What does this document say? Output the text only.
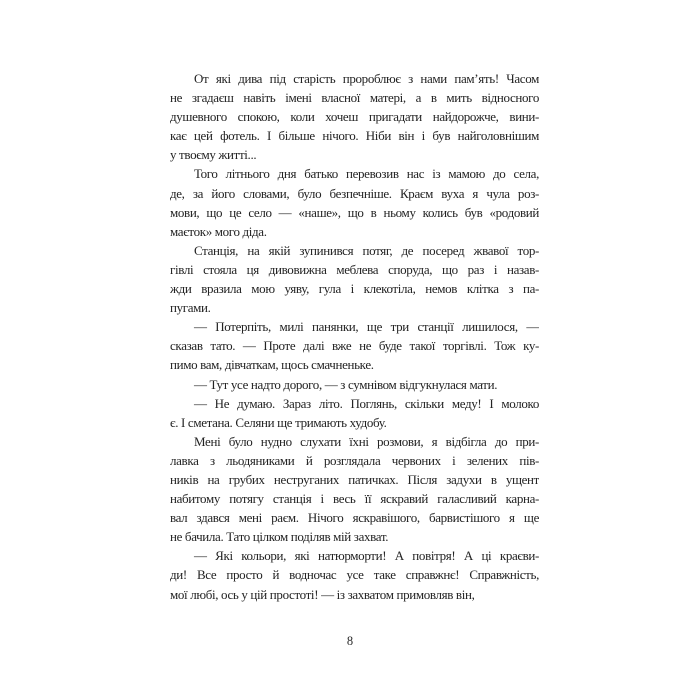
От які дива під старість пророблює з нами пам’ять! Часом
не згадаєш навіть імені власної матері, а в мить відносного
душевного спокою, коли хочеш пригадати найдорожче, вини-
кає цей фотель. І більше нічого. Ніби він і був найголовнішим
у твоєму житті...
Того літнього дня батько перевозив нас із мамою до села,
де, за його словами, було безпечніше. Краєм вуха я чула роз-
мови, що це село — «наше», що в ньому колись був «родовий
маєток» мого діда.
Станція, на якій зупинився потяг, де посеред жвавої тор-
гівлі стояла ця дивовижна меблева споруда, що раз і назав-
жди вразила мою уяву, гула і клекотіла, немов клітка з па-
пугами.
— Потерпіть, милі панянки, ще три станції лишилося, —
сказав тато. — Проте далі вже не буде такої торгівлі. Тож ку-
пимо вам, дівчаткам, щось смачненьке.
— Тут усе надто дорого, — з сумнівом відгукнулася мати.
— Не думаю. Зараз літо. Поглянь, скільки меду! І молоко
є. І сметана. Селяни ще тримають худобу.
Мені було нудно слухати їхні розмови, я відбігла до при-
лавка з льодяниками й розглядала червоних і зелених пів-
ників на грубих неструганих патичках. Після задухи в ущент
набитому потягу станція і весь її яскравий галасливий карна-
вал здався мені раєм. Нічого яскравішого, барвистішого я ще
не бачила. Тато цілком поділяв мій захват.
— Які кольори, які натюрморти! А повітря! А ці краєви-
ди! Все просто й водночас усе таке справжнє! Справжність,
мої любі, ось у цій простоті! — із захватом примовляв він,
8
